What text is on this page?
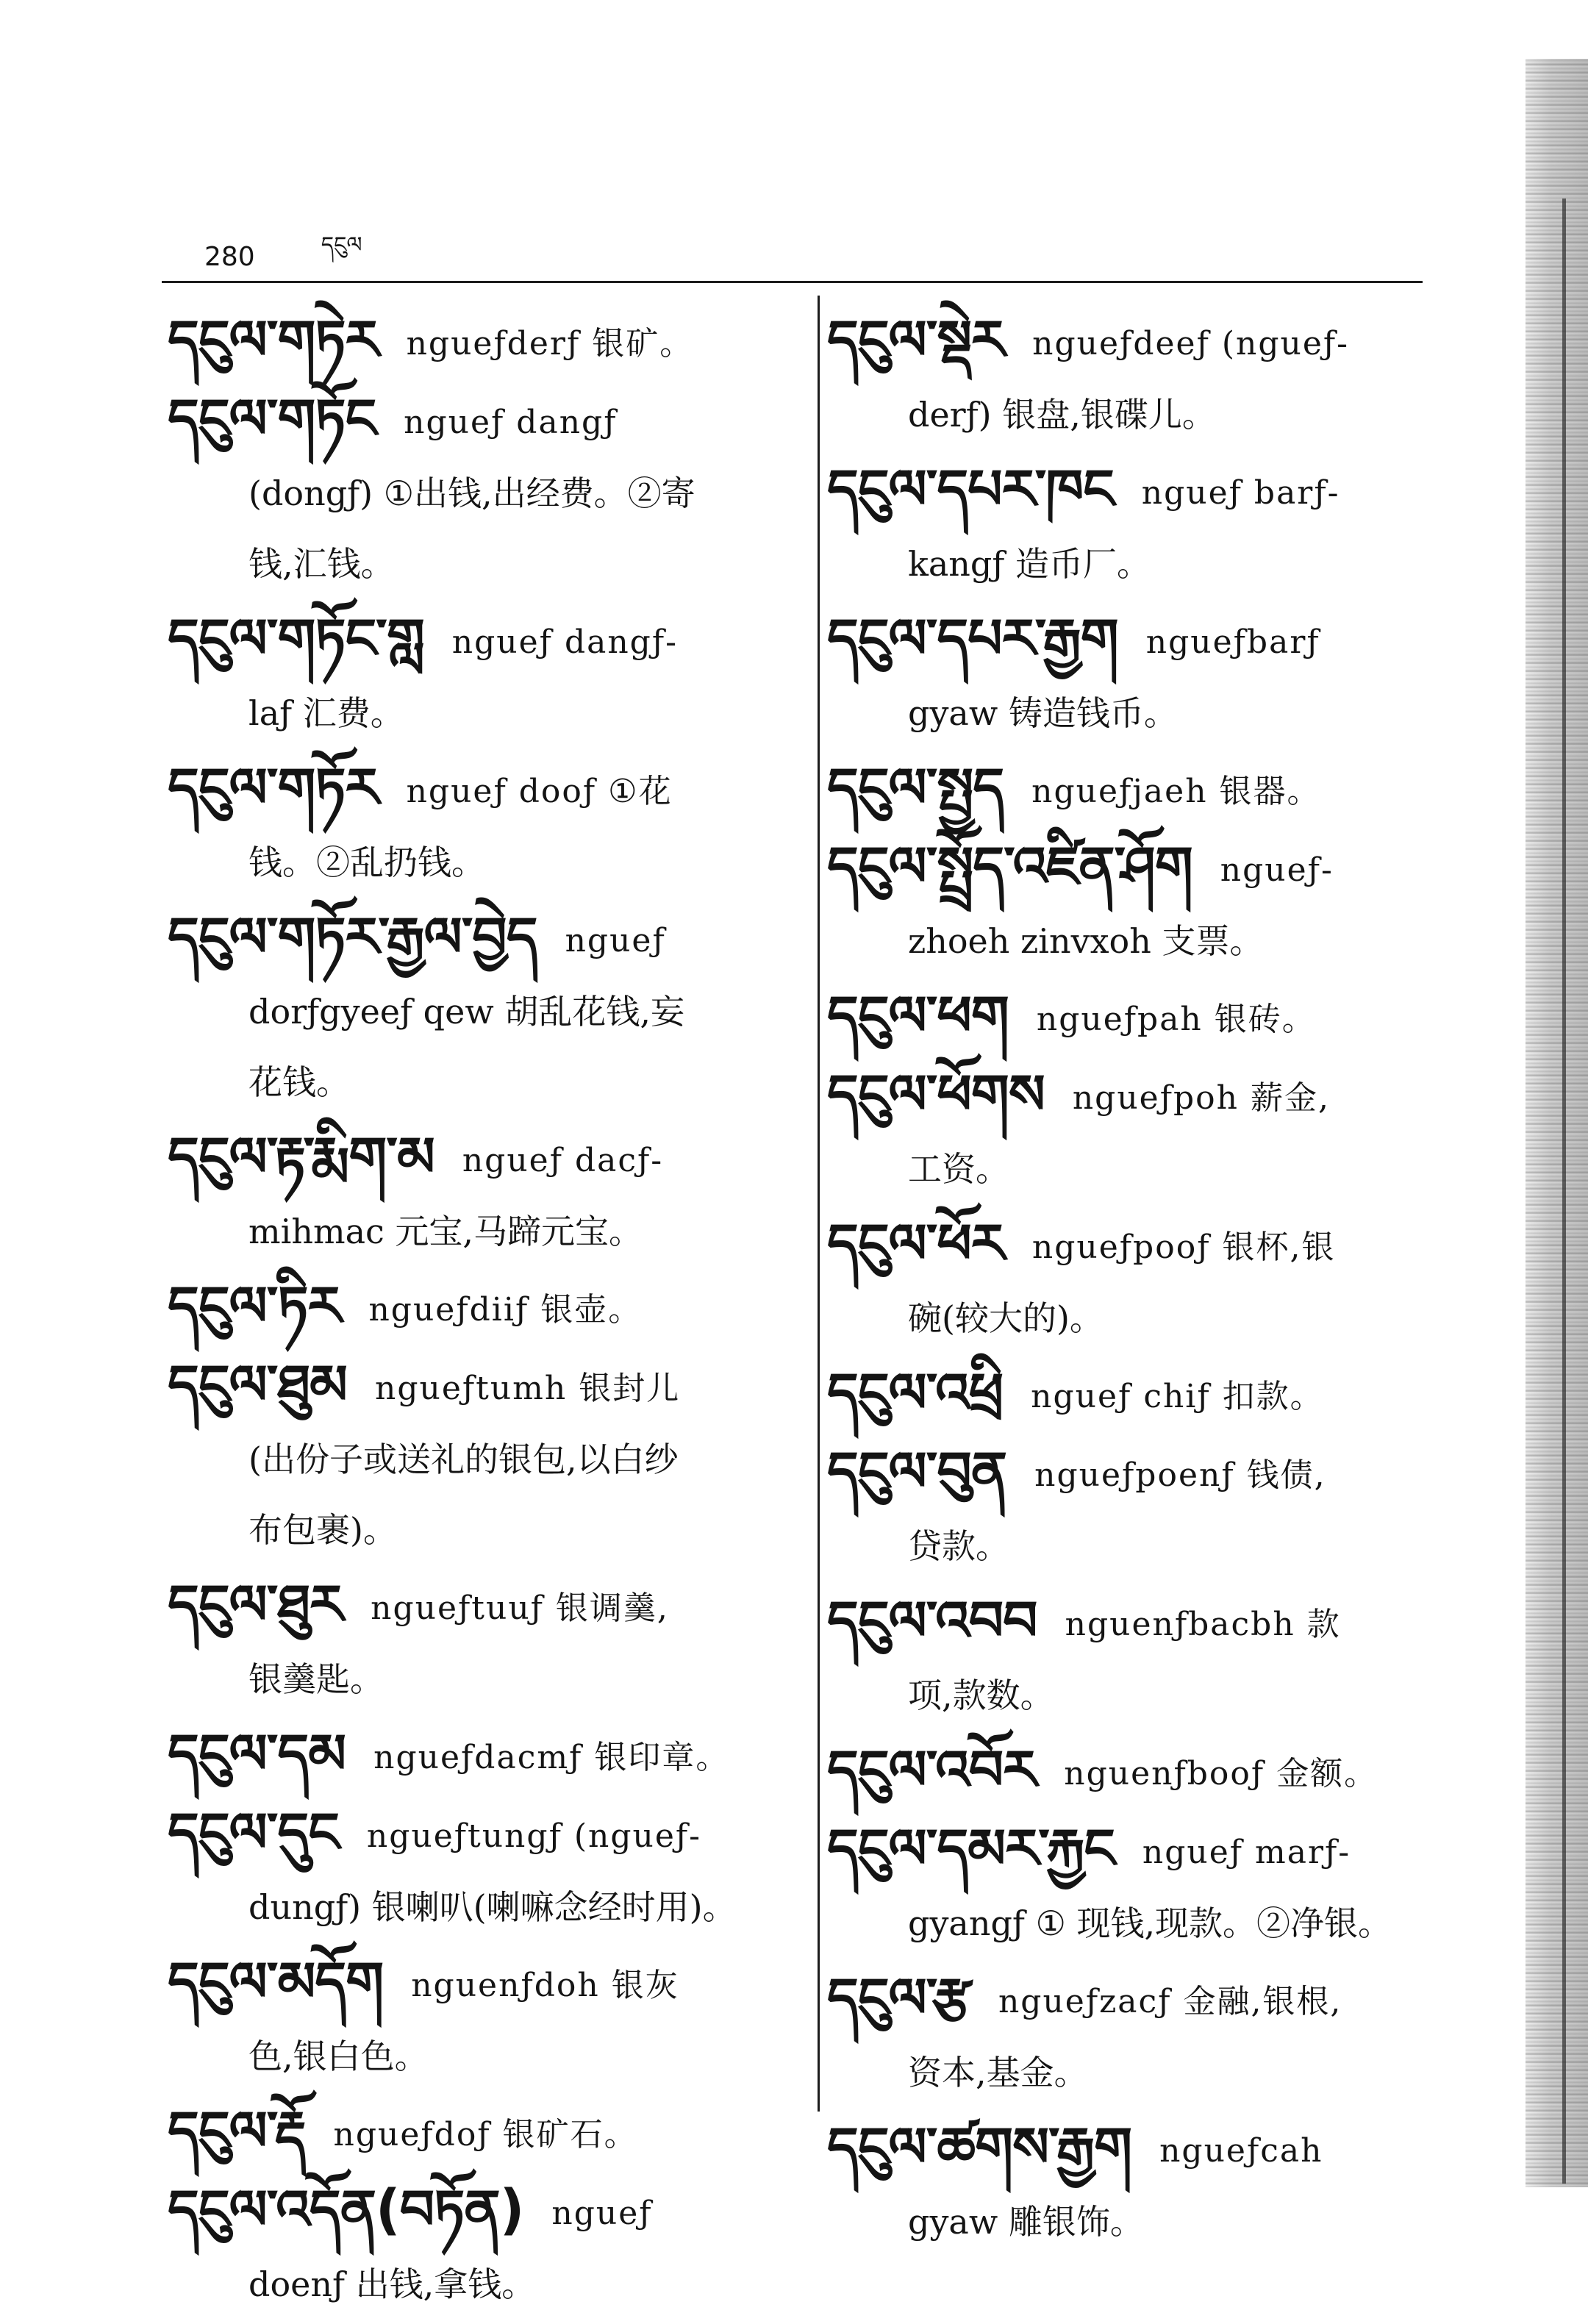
280	དངུལ

དངུལ་གཏེར ngueƒderƒ 银矿。

དངུལ་གཏོང ngueƒ dangƒ

(dongƒ) ①出钱,出经费。②寄

钱,汇钱。

དངུལ་གཏོང་གླ ngueƒ dangƒ-

laƒ 汇费。

དངུལ་གཏོར ngueƒ dooƒ ①花

钱。②乱扔钱。

དངུལ་གཏོར་རྒྱལ་བྱེད ngueƒ

dorƒgyeeƒ qew 胡乱花钱,妄

花钱。

དངུལ་རྟ་རྨིག་མ ngueƒ dacƒ-

mihmac 元宝,马蹄元宝。

དངུལ་ཏིར ngueƒdiiƒ 银壶。

དངུལ་ཐུམ ngueƒtumh 银封儿

(出份子或送礼的银包,以白纱

布包裹)。

དངུལ་ཐུར ngueƒtuuƒ 银调羹,

银羹匙。

དངུལ་དམ ngueƒdacmƒ 银印章。

དངུལ་དུང ngueƒtungƒ (ngueƒ-

dungƒ) 银喇叭(喇嘛念经时用)。

དངུལ་མདོག nguenƒdoh 银灰

色,银白色。

དངུལ་རྡོ ngueƒdoƒ 银矿石。

དངུལ་འདོན(བཏོན) ngueƒ

doenƒ 出钱,拿钱。

དངུལ་སྡེར ngueƒdeeƒ (ngueƒ-

derƒ) 银盘,银碟儿。

དངུལ་དཔར་ཁང ngueƒ barƒ-

kangƒ 造币厂。

དངུལ་དཔར་རྒྱག ngueƒbarƒ

gyaw 铸造钱币。

དངུལ་སྤྱད ngueƒjaeh 银器。

དངུལ་སྤྲོད་འཛིན་ཤོག ngueƒ-

zhoeh zinvxoh 支票。

དངུལ་ཕག ngueƒpah 银砖。

དངུལ་ཕོགས ngueƒpoh 薪金,

工资。

དངུལ་ཕོར ngueƒpooƒ 银杯,银

碗(较大的)。

དངུལ་འཕྲི ngueƒ chiƒ 扣款。

དངུལ་བུན ngueƒpoenƒ 钱债,

贷款。

དངུལ་འབབ nguenƒbacbh 款

项,款数。

དངུལ་འབོར nguenƒbooƒ 金额。

དངུལ་དམར་རྐྱང ngueƒ marƒ-

gyangƒ ① 现钱,现款。②净银。

དངུལ་རྩ ngueƒzacƒ 金融,银根,

资本,基金。

དངུལ་ཚགས་རྒྱག ngueƒcah

gyaw 雕银饰。
